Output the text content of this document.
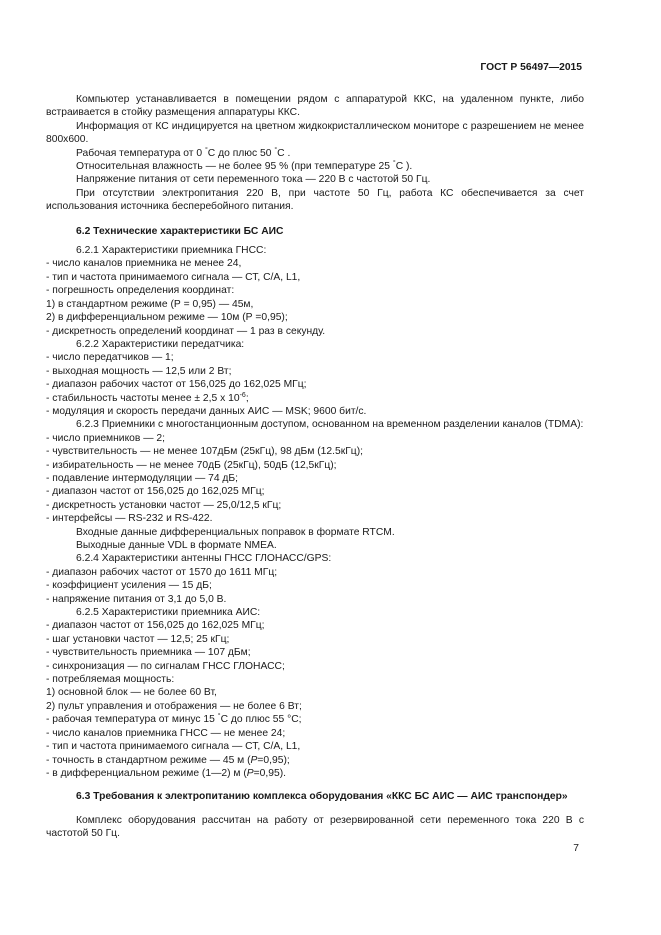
ГОСТ Р 56497—2015

Компьютер устанавливается в помещении рядом с аппаратурой ККС, на удаленном пункте, либо встраивается в стойку размещения аппаратуры ККС.

Информация от КС индицируется на цветном жидкокристаллическом мониторе с разрешением не менее 800х600.

Рабочая температура от 0 °С до плюс 50 °С .

Относительная влажность — не более 95 % (при температуре 25 °С ).

Напряжение питания от сети переменного тока — 220 В с частотой 50 Гц.

При отсутствии электропитания 220 В, при частоте 50 Гц, работа КС обеспечивается за счет использования источника бесперебойного питания.

6.2 Технические характеристики БС АИС

6.2.1 Характеристики приемника ГНСС:

- число каналов приемника не менее 24,

- тип и частота принимаемого сигнала — СТ, С/А, L1,

- погрешность определения координат:

1) в стандартном режиме (Р = 0,95) — 45м,

2) в дифференциальном режиме — 10м (Р =0,95);

- дискретность определений координат — 1 раз в секунду.

6.2.2 Характеристики передатчика:

- число передатчиков — 1;

- выходная мощность — 12,5 или 2 Вт;

- диапазон рабочих частот от 156,025 до 162,025 МГц;

- стабильность частоты менее ± 2,5 х $10^{-6}$;

- модуляция и скорость передачи данных АИС — MSK; 9600 бит/с.

6.2.3 Приемники с многостанционным доступом, основанном на временном разделении каналов (TDMA):

- число приемников — 2;

- чувствительность — не менее 107дБм (25кГц), 98 дБм (12.5кГц);

- избирательность — не менее 70дБ (25кГц), 50дБ (12,5кГц);

- подавление интермодуляции — 74 дБ;

- диапазон частот от 156,025 до 162,025 МГц;

- дискретность установки частот — 25,0/12,5 кГц;

- интерфейсы — RS-232 и RS-422.

Входные данные дифференциальных поправок в формате RTCM.

Выходные данные VDL в формате NMEA.

6.2.4 Характеристики антенны ГНСС ГЛОНАСС/GPS:

- диапазон рабочих частот от 1570 до 1611 МГц;

- коэффициент усиления — 15 дБ;

- напряжение питания от 3,1 до 5,0 В.

6.2.5 Характеристики приемника АИС:

- диапазон частот от 156,025 до 162,025 МГц;

- шаг установки частот — 12,5; 25 кГц;

- чувствительность приемника — 107 дБм;

- синхронизация — по сигналам ГНСС ГЛОНАСС;

- потребляемая мощность:

1) основной блок — не более 60 Вт,

2) пульт управления и отображения — не более 6 Вт;

- рабочая температура от минус 15 °С до плюс 55 °С;

- число каналов приемника ГНСС — не менее 24;

- тип и частота принимаемого сигнала — СТ, С/А, L1,

- точность в стандартном режиме — 45 м (Р=0,95);

- в дифференциальном режиме (1—2) м (Р=0,95).

6.3 Требования к электропитанию комплекса оборудования «ККС БС АИС — АИС транспондер»

Комплекс оборудования рассчитан на работу от резервированной сети переменного тока 220 В с частотой 50 Гц.

7
